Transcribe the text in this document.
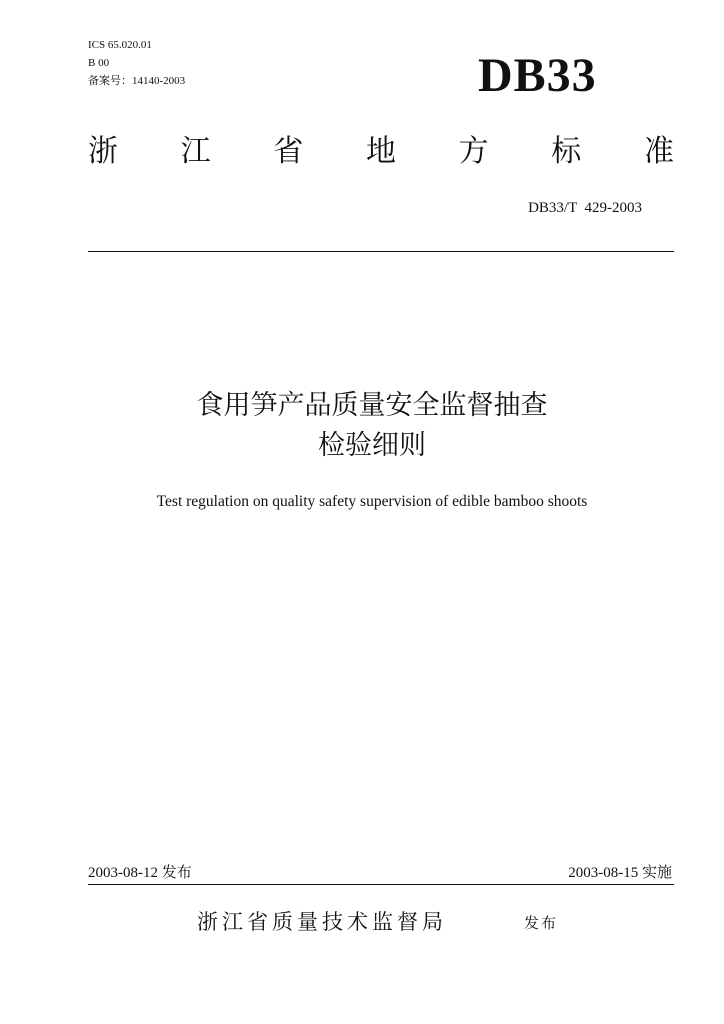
ICS 65.020.01
B 00
备案号：14140-2003	DB33
浙 江 省 地 方 标 准
DB33/T  429-2003
食用笋产品质量安全监督抽查
检验细则
Test regulation on quality safety supervision of edible bamboo shoots
2003-08-12 发布	2003-08-15 实施
浙江省质量技术监督局	发布
